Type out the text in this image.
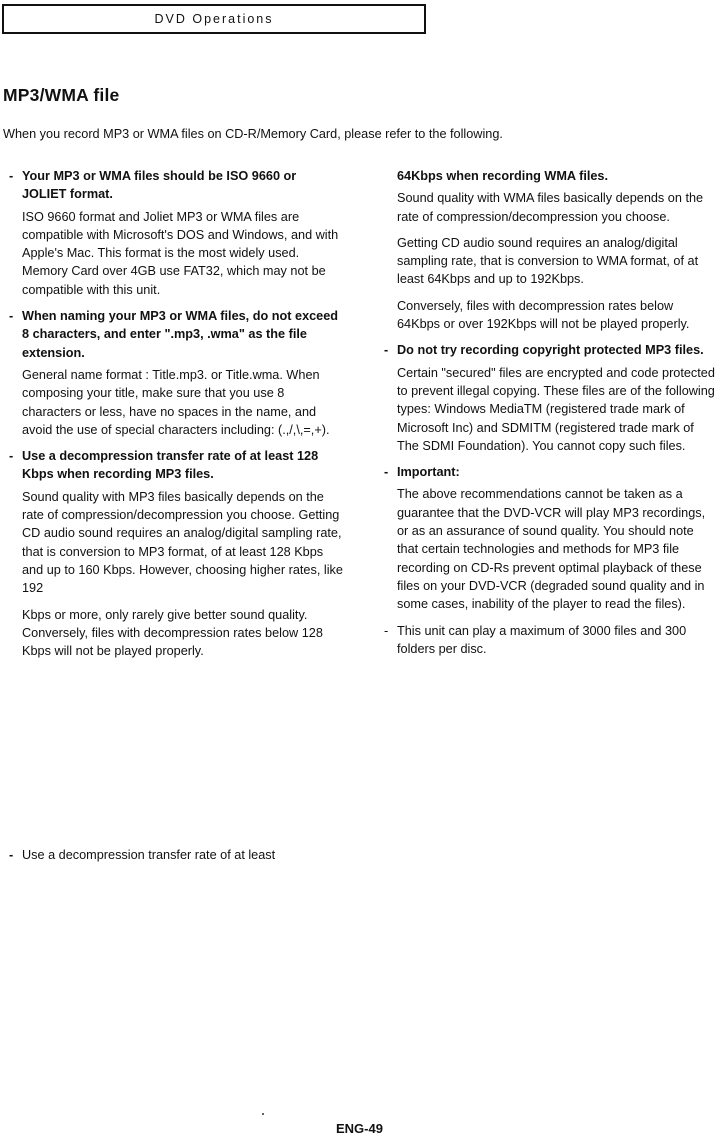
DVD Operations
MP3/WMA file

When you record MP3 or WMA files on CD-R/Memory Card, please refer to the following.

- Your MP3 or WMA files should be ISO 9660 or JOLIET format.

ISO 9660 format and Joliet MP3 or WMA files are compatible with Microsoft's DOS and Windows, and with Apple's Mac. This format is the most widely used. Memory Card over 4GB use FAT32, which may not be compatible with this unit.

- When naming your MP3 or WMA files, do not exceed 8 characters, and enter ".mp3, .wma" as the file extension.

General name format : Title.mp3. or Title.wma. When composing your title, make sure that you use 8 characters or less, have no spaces in the name, and avoid the use of special characters including: (.,/,\,=,+).

- Use a decompression transfer rate of at least 128 Kbps when recording MP3 files.

Sound quality with MP3 files basically depends on the rate of compression/decompression you choose. Getting CD audio sound requires an analog/digital sampling rate, that is conversion to MP3 format, of at least 128 Kbps and up to 160 Kbps. However, choosing higher rates, like 192

Kbps or more, only rarely give better sound quality. Conversely, files with decompression rates below 128 Kbps will not be played properly.

64Kbps when recording WMA files.

Sound quality with WMA files basically depends on the rate of compression/decompression you choose.

Getting CD audio sound requires an analog/digital sampling rate, that is conversion to WMA format, of at least 64Kbps and up to 192Kbps.

Conversely, files with decompression rates below 64Kbps or over 192Kbps will not be played properly.

- Do not try recording copyright protected MP3 files.

Certain "secured" files are encrypted and code protected to prevent illegal copying. These files are of the following types: Windows MediaTM (registered trade mark of Microsoft Inc) and SDMITM (registered trade mark of The SDMI Foundation). You cannot copy such files.

- Important:

The above recommendations cannot be taken as a guarantee that the DVD-VCR will play MP3 recordings, or as an assurance of sound quality. You should note that certain technologies and methods for MP3 file recording on CD-Rs prevent optimal playback of these files on your DVD-VCR (degraded sound quality and in some cases, inability of the player to read the files).

- This unit can play a maximum of 3000 files and 300 folders per disc.

- Use a decompression transfer rate of at least

ENG-49
